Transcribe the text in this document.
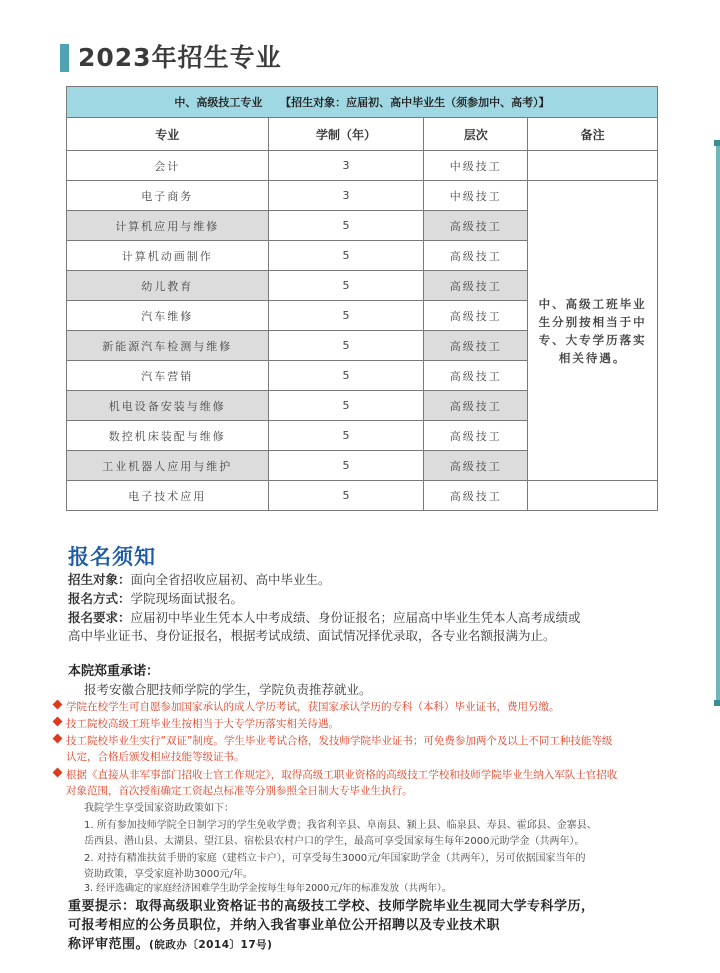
2023年招生专业
中、高级技工专业 【招生对象：应届初、高中毕业生（须参加中、高考）】			
专业	学制（年）	层次	备注
会计	3	中级技工	
电子商务	3	中级技工	中、高级工班毕业生分别按相当于中专、大专学历落实相关待遇。
计算机应用与维修	5	高级技工	
计算机动画制作	5	高级技工	
幼儿教育	5	高级技工	
汽车维修	5	高级技工	
新能源汽车检测与维修	5	高级技工	
汽车营销	5	高级技工	
机电设备安装与维修	5	高级技工	
数控机床装配与维修	5	高级技工	
工业机器人应用与维护	5	高级技工	
电子技术应用	5	高级技工	
报名须知
招生对象：面向全省招收应届初、高中毕业生。
报名方式：学院现场面试报名。
报名要求：应届初中毕业生凭本人中考成绩、身份证报名；应届高中毕业生凭本人高考成绩或
高中毕业证书、身份证报名，根据考试成绩、面试情况择优录取，各专业名额报满为止。
本院郑重承诺：
报考安徽合肥技师学院的学生，学院负责推荐就业。
学院在校学生可自愿参加国家承认的成人学历考试，获国家承认学历的专科（本科）毕业证书，费用另缴。
技工院校高级工班毕业生按相当于大专学历落实相关待遇。
技工院校毕业生实行“双证”制度。学生毕业考试合格，发技师学院毕业证书；可免费参加两个及以上不同工种技能等级
认定，合格后颁发相应技能等级证书。
根据《直接从非军事部门招收士官工作规定》，取得高级工职业资格的高级技工学校和技师学院毕业生纳入军队士官招收
对象范围，首次授衔确定工资起点标准等分别参照全日制大专毕业生执行。
我院学生享受国家资助政策如下：
1. 所有参加技师学院全日制学习的学生免收学费；我省利辛县、阜南县、颍上县、临泉县、寿县、霍邱县、金寨县、
岳西县、潜山县、太湖县、望江县、宿松县农村户口的学生，最高可享受国家每生每年2000元助学金（共两年）。
2. 对持有精准扶贫手册的家庭（建档立卡户），可享受每生3000元/年国家助学金（共两年），另可依据国家当年的
资助政策，享受家庭补助3000元/年。
3. 经评选确定的家庭经济困难学生助学金按每生每年2000元/年的标准发放（共两年）。
重要提示：取得高级职业资格证书的高级技工学校、技师学院毕业生视同大学专科学历，
可报考相应的公务员职位，并纳入我省事业单位公开招聘以及专业技术职
称评审范围。(皖政办〔2014〕17号)
